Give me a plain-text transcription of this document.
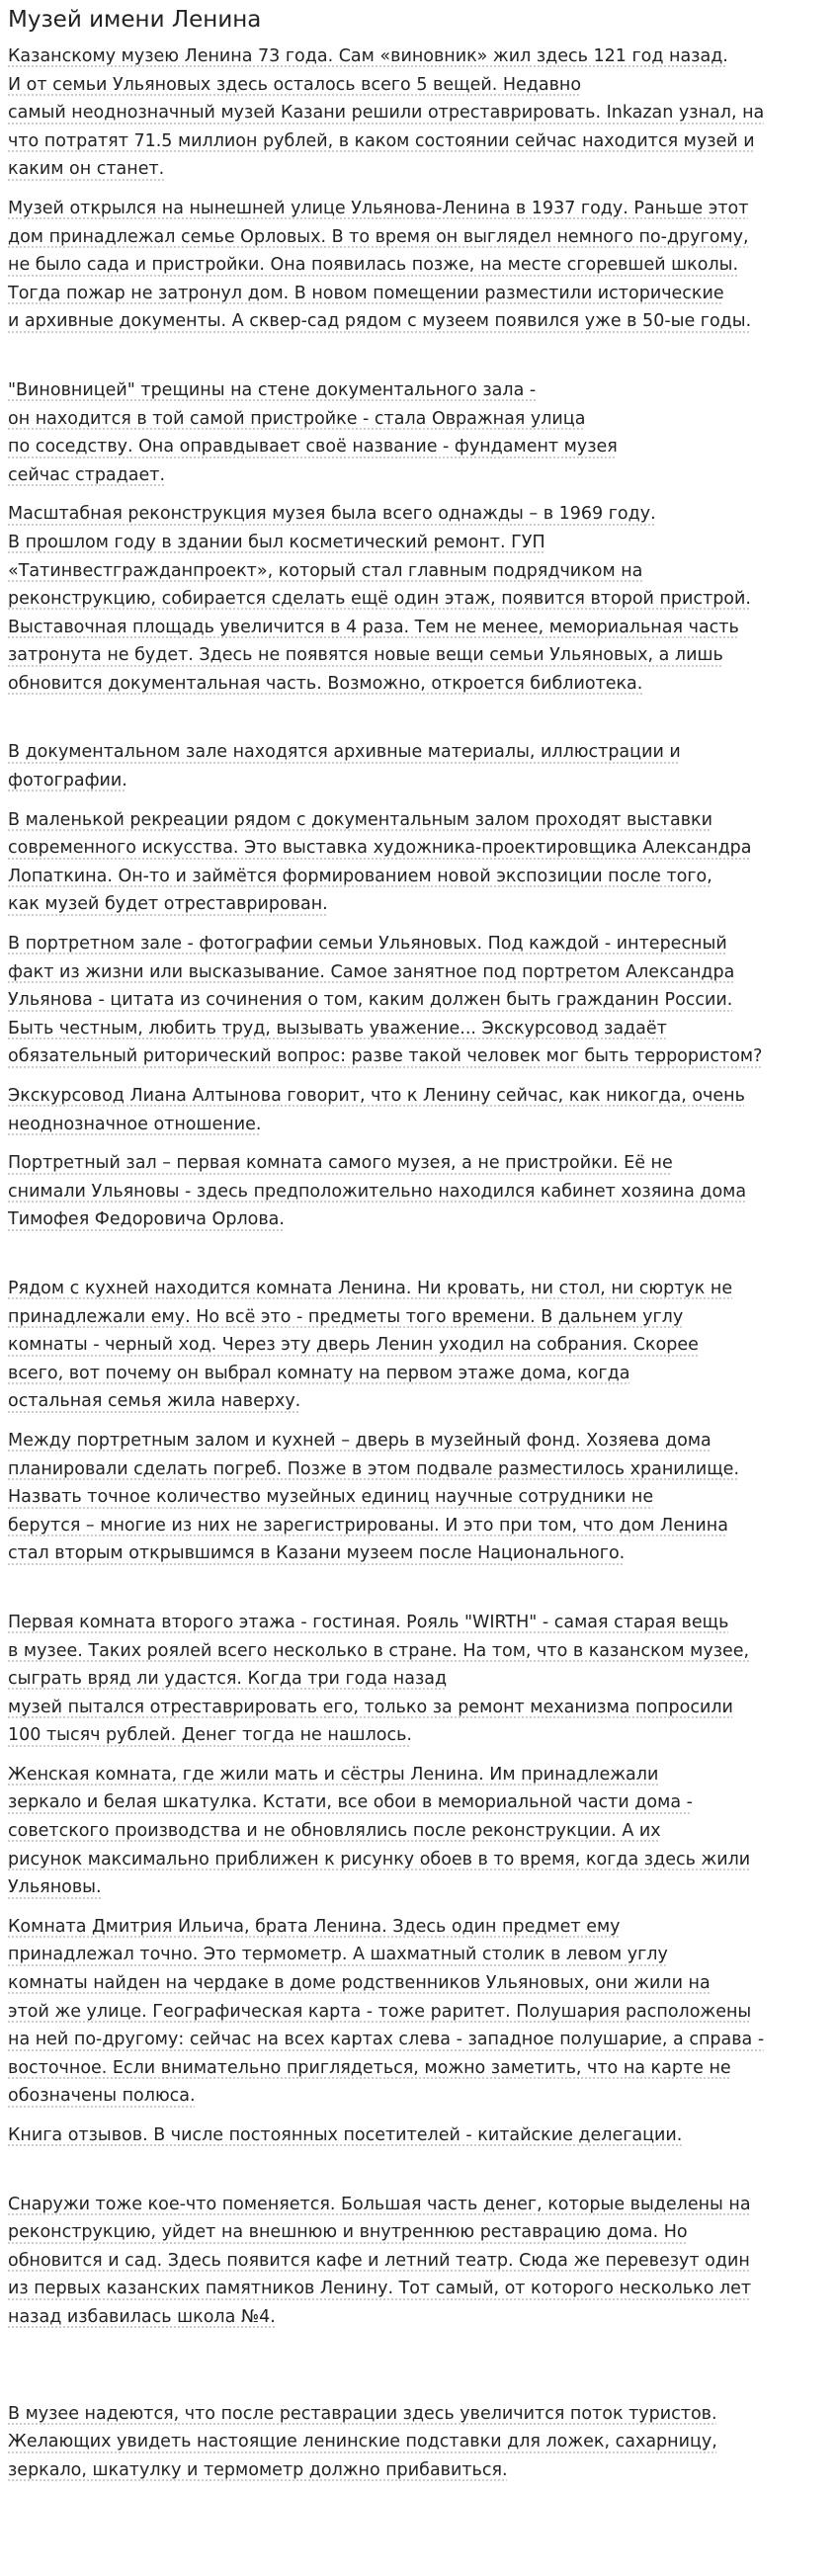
Музей имени Ленина

Казанскому музею Ленина 73 года. Сам «виновник» жил здесь 121 год назад.
И от семьи Ульяновых здесь осталось всего 5 вещей. Недавно
самый неоднозначный музей Казани решили отреставрировать. Inkazan узнал, на
что потратят 71.5 миллион рублей, в каком состоянии сейчас находится музей и
каким он станет.

Музей открылся на нынешней улице Ульянова-Ленина в 1937 году. Раньше этот
дом принадлежал семье Орловых. В то время он выглядел немного по-другому,
не было сада и пристройки. Она появилась позже, на месте сгоревшей школы.
Тогда пожар не затронул дом. В новом помещении разместили исторические
и архивные документы. А сквер-сад рядом с музеем появился уже в 50-ые годы.

"Виновницей" трещины на стене документального зала -
он находится в той самой пристройке - стала Овражная улица
по соседству. Она оправдывает своё название - фундамент музея
сейчас страдает.

Масштабная реконструкция музея была всего однажды – в 1969 году.
В прошлом году в здании был косметический ремонт. ГУП
«Татинвестгражданпроект», который стал главным подрядчиком на
реконструкцию, собирается сделать ещё один этаж, появится второй пристрой.
Выставочная площадь увеличится в 4 раза. Тем не менее, мемориальная часть
затронута не будет. Здесь не появятся новые вещи семьи Ульяновых, а лишь
обновится документальная часть. Возможно, откроется библиотека.

В документальном зале находятся архивные материалы, иллюстрации и
фотографии.

В маленькой рекреации рядом с документальным залом проходят выставки
современного искусства. Это выставка художника-проектировщика Александра
Лопаткина. Он-то и займётся формированием новой экспозиции после того,
как музей будет отреставрирован.

В портретном зале - фотографии семьи Ульяновых. Под каждой - интересный
факт из жизни или высказывание. Самое занятное под портретом Александра
Ульянова - цитата из сочинения о том, каким должен быть гражданин России.
Быть честным, любить труд, вызывать уважение... Экскурсовод задаёт
обязательный риторический вопрос: разве такой человек мог быть террористом?

Экскурсовод Лиана Алтынова говорит, что к Ленину сейчас, как никогда, очень
неоднозначное отношение.

Портретный зал – первая комната самого музея, а не пристройки. Её не
снимали Ульяновы - здесь предположительно находился кабинет хозяина дома
Тимофея Федоровича Орлова.

Рядом с кухней находится комната Ленина. Ни кровать, ни стол, ни сюртук не
принадлежали ему. Но всё это - предметы того времени. В дальнем углу
комнаты - черный ход. Через эту дверь Ленин уходил на собрания. Скорее
всего, вот почему он выбрал комнату на первом этаже дома, когда
остальная семья жила наверху.

Между портретным залом и кухней – дверь в музейный фонд. Хозяева дома
планировали сделать погреб. Позже в этом подвале разместилось хранилище.
Назвать точное количество музейных единиц научные сотрудники не
берутся – многие из них не зарегистрированы. И это при том, что дом Ленина
стал вторым открывшимся в Казани музеем после Национального.

Первая комната второго этажа - гостиная. Рояль "WIRTH" - самая старая вещь
в музее. Таких роялей всего несколько в стране. На том, что в казанском музее,
сыграть вряд ли удастся. Когда три года назад
музей пытался отреставрировать его, только за ремонт механизма попросили
100 тысяч рублей. Денег тогда не нашлось.

Женская комната, где жили мать и сёстры Ленина. Им принадлежали
зеркало и белая шкатулка. Кстати, все обои в мемориальной части дома -
советского производства и не обновлялись после реконструкции. А их
рисунок максимально приближен к рисунку обоев в то время, когда здесь жили
Ульяновы.

Комната Дмитрия Ильича, брата Ленина. Здесь один предмет ему
принадлежал точно. Это термометр. А шахматный столик в левом углу
комнаты найден на чердаке в доме родственников Ульяновых, они жили на
этой же улице. Географическая карта - тоже раритет. Полушария расположены
на ней по-другому: сейчас на всех картах слева - западное полушарие, а справа -
восточное. Если внимательно приглядеться, можно заметить, что на карте не
обозначены полюса.

Книга отзывов. В числе постоянных посетителей - китайские делегации.

Снаружи тоже кое-что поменяется. Большая часть денег, которые выделены на
реконструкцию, уйдет на внешнюю и внутреннюю реставрацию дома. Но
обновится и сад. Здесь появится кафе и летний театр. Сюда же перевезут один
из первых казанских памятников Ленину. Тот самый, от которого несколько лет
назад избавилась школа №4.

В музее надеются, что после реставрации здесь увеличится поток туристов.
Желающих увидеть настоящие ленинские подставки для ложек, сахарницу,
зеркало, шкатулку и термометр должно прибавиться.
